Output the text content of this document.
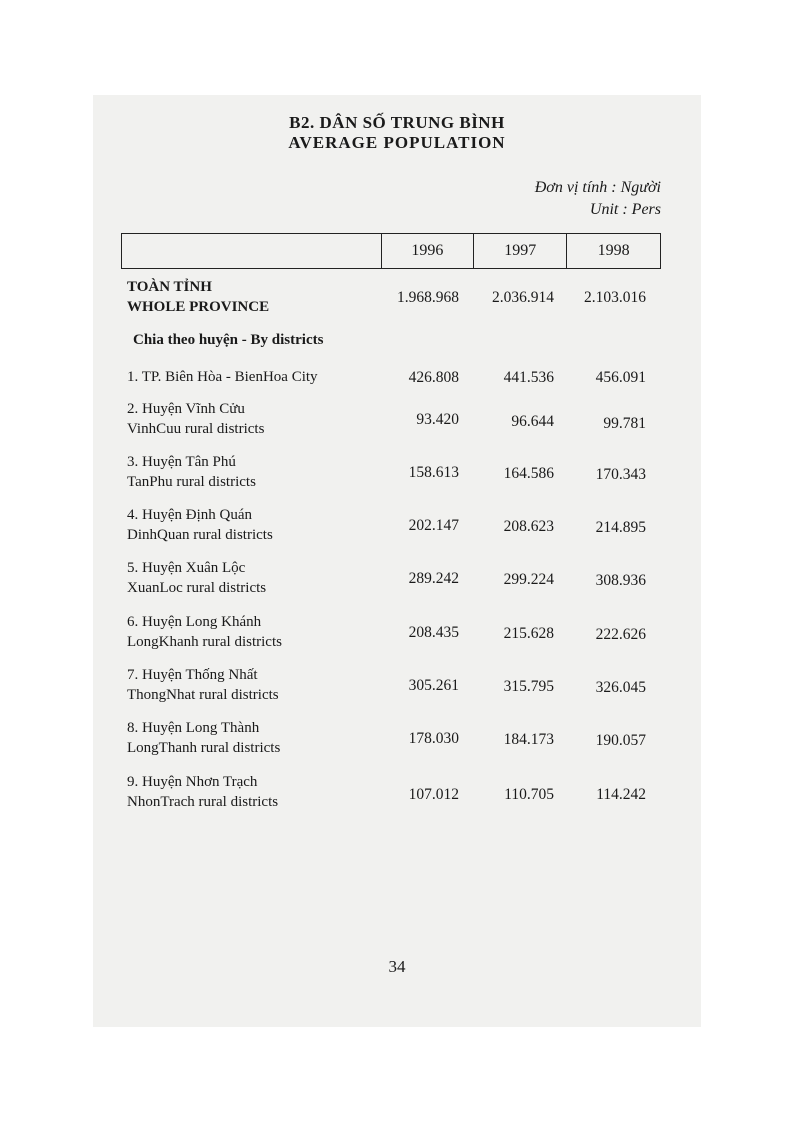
B2. DÂN SỐ TRUNG BÌNH
AVERAGE POPULATION
Đơn vị tính : Người
Unit : Pers
1996	1997	1998
TOÀN TỈNH
WHOLE PROVINCE
1.968.968	2.036.914	2.103.016
Chia theo huyện - By districts
1. TP. Biên Hòa - BienHoa City	426.808	441.536	456.091
2. Huyện Vĩnh Cửu
VinhCuu rural districts
93.420	96.644	99.781
3. Huyện Tân Phú
TanPhu rural districts
158.613	164.586	170.343
4. Huyện Định Quán
DinhQuan rural districts
202.147	208.623	214.895
5. Huyện Xuân Lộc
XuanLoc rural districts
289.242	299.224	308.936
6. Huyện Long Khánh
LongKhanh rural districts
208.435	215.628	222.626
7. Huyện Thống Nhất
ThongNhat rural districts
305.261	315.795	326.045
8. Huyện Long Thành
LongThanh rural districts
178.030	184.173	190.057
9. Huyện Nhơn Trạch
NhonTrach rural districts	107.012	110.705	114.242
34
